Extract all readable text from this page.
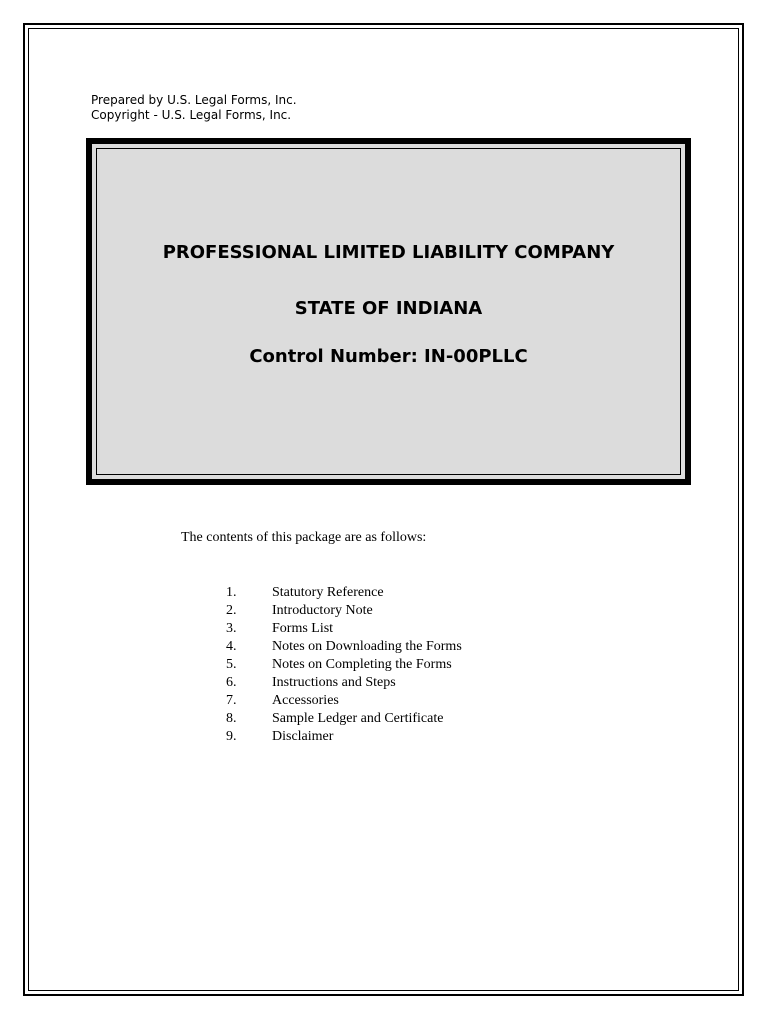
Prepared by U.S. Legal Forms, Inc.
Copyright - U.S. Legal Forms, Inc.
PROFESSIONAL LIMITED LIABILITY COMPANY
STATE OF INDIANA
Control Number: IN-00PLLC
The contents of this package are as follows:
1.	Statutory Reference
2.	Introductory Note
3.	Forms List
4.	Notes on Downloading the Forms
5.	Notes on Completing the Forms
6.	Instructions and Steps
7.	Accessories
8.	Sample Ledger and Certificate
9.	Disclaimer
